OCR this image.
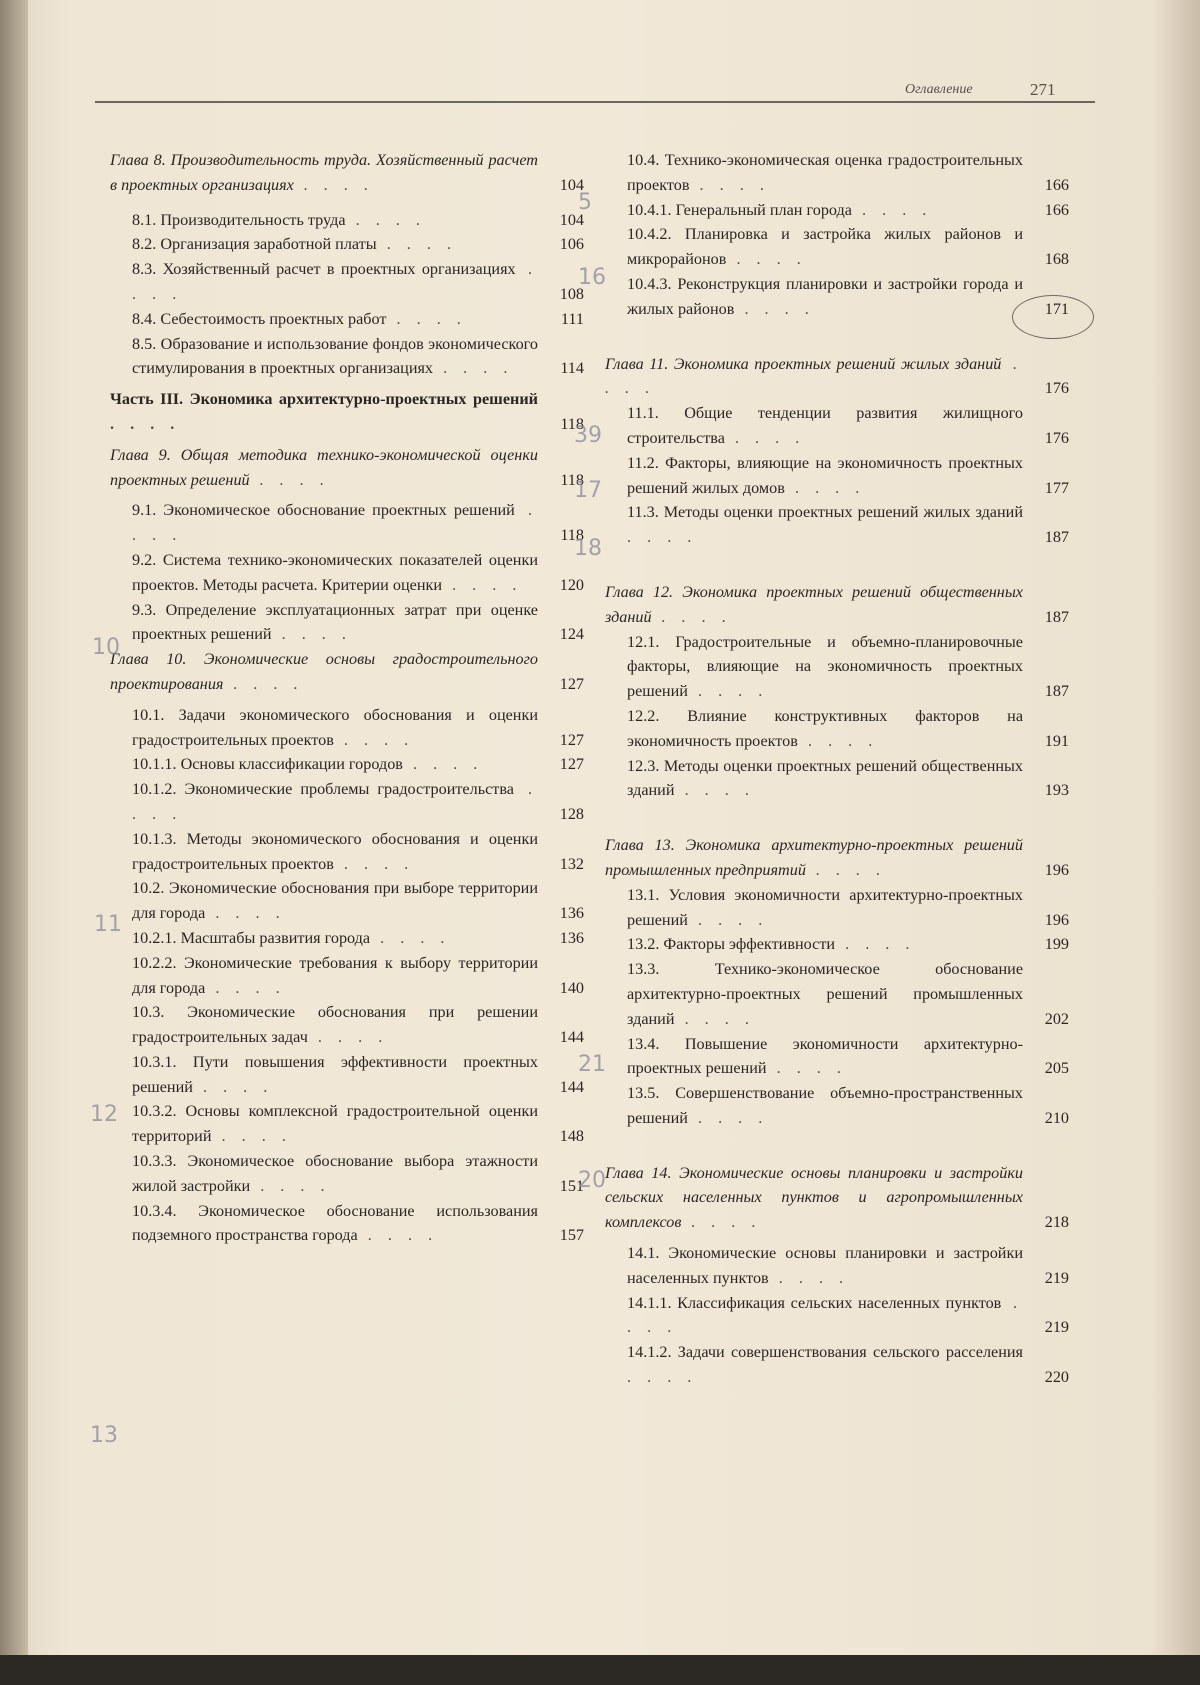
Оглавление	271
Глава 8. Производительность труда. Хозяйственный расчет в проектных организациях . . . .	104
8.1. Производительность труда . . . .	104
8.2. Организация заработной платы . . . .	106
8.3. Хозяйственный расчет в проектных организациях . . . .	108
8.4. Себестоимость проектных работ . . . .	111
8.5. Образование и использование фондов экономического стимулирования в проектных организациях . . . .	114
Часть III. Экономика архитектурно-проектных решений . . . .	118
Глава 9. Общая методика технико-экономической оценки проектных решений . . . .	118
9.1. Экономическое обоснование проектных решений . . . .	118
9.2. Система технико-экономических показателей оценки проектов. Методы расчета. Критерии оценки . . . .	120
9.3. Определение эксплуатационных затрат при оценке проектных решений . . . .	124
Глава 10. Экономические основы градостроительного проектирования . . . .	127
10.1. Задачи экономического обоснования и оценки градостроительных проектов . . . .	127
10.1.1. Основы классификации городов . . . .	127
10.1.2. Экономические проблемы градостроительства . . . .	128
10.1.3. Методы экономического обоснования и оценки градостроительных проектов . . . .	132
10.2. Экономические обоснования при выборе территории для города . . . .	136
10.2.1. Масштабы развития города . . . .	136
10.2.2. Экономические требования к выбору территории для города . . . .	140
10.3. Экономические обоснования при решении градостроительных задач . . . .	144
10.3.1. Пути повышения эффективности проектных решений . . . .	144
10.3.2. Основы комплексной градостроительной оценки территорий . . . .	148
10.3.3. Экономическое обоснование выбора этажности жилой застройки . . . .	151
10.3.4. Экономическое обоснование использования подземного пространства города . . . .	157
10.4. Технико-экономическая оценка градостроительных проектов . . . .	166
10.4.1. Генеральный план города . . . .	166
10.4.2. Планировка и застройка жилых районов и микрорайонов . . . .	168
10.4.3. Реконструкция планировки и застройки города и жилых районов . . . .	171
Глава 11. Экономика проектных решений жилых зданий . . . .	176
11.1. Общие тенденции развития жилищного строительства . . . .	176
11.2. Факторы, влияющие на экономичность проектных решений жилых домов . . . .	177
11.3. Методы оценки проектных решений жилых зданий . . . .	187
Глава 12. Экономика проектных решений общественных зданий . . . .	187
12.1. Градостроительные и объемно-планировочные факторы, влияющие на экономичность проектных решений . . . .	187
12.2. Влияние конструктивных факторов на экономичность проектов . . . .	191
12.3. Методы оценки проектных решений общественных зданий . . . .	193
Глава 13. Экономика архитектурно-проектных решений промышленных предприятий . . . .	196
13.1. Условия экономичности архитектурно-проектных решений . . . .	196
13.2. Факторы эффективности . . . .	199
13.3. Технико-экономическое обоснование архитектурно-проектных решений промышленных зданий . . . .	202
13.4. Повышение экономичности архитектурно-проектных решений . . . .	205
13.5. Совершенствование объемно-пространственных решений . . . .	210
Глава 14. Экономические основы планировки и застройки сельских населенных пунктов и агропромышленных комплексов . . . .	218
14.1. Экономические основы планировки и застройки населенных пунктов . . . .	219
14.1.1. Классификация сельских населенных пунктов . . . .	219
14.1.2. Задачи совершенствования сельского расселения . . . .	220
5
16
39
17
18
10
11
12
13
21
20
